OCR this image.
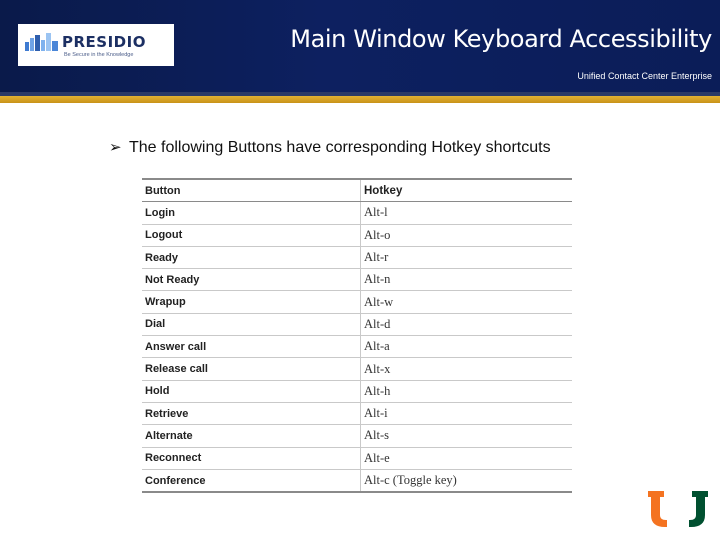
PRESIDIO
Be Secure in the Knowledge
Main Window Keyboard Accessibility
Unified Contact Center Enterprise
➢ The following Buttons have corresponding Hotkey shortcuts
Button	Hotkey
Login	Alt-l
Logout	Alt-o
Ready	Alt-r
Not Ready	Alt-n
Wrapup	Alt-w
Dial	Alt-d
Answer call	Alt-a
Release call	Alt-x
Hold	Alt-h
Retrieve	Alt-i
Alternate	Alt-s
Reconnect	Alt-e
Conference	Alt-c (Toggle key)
